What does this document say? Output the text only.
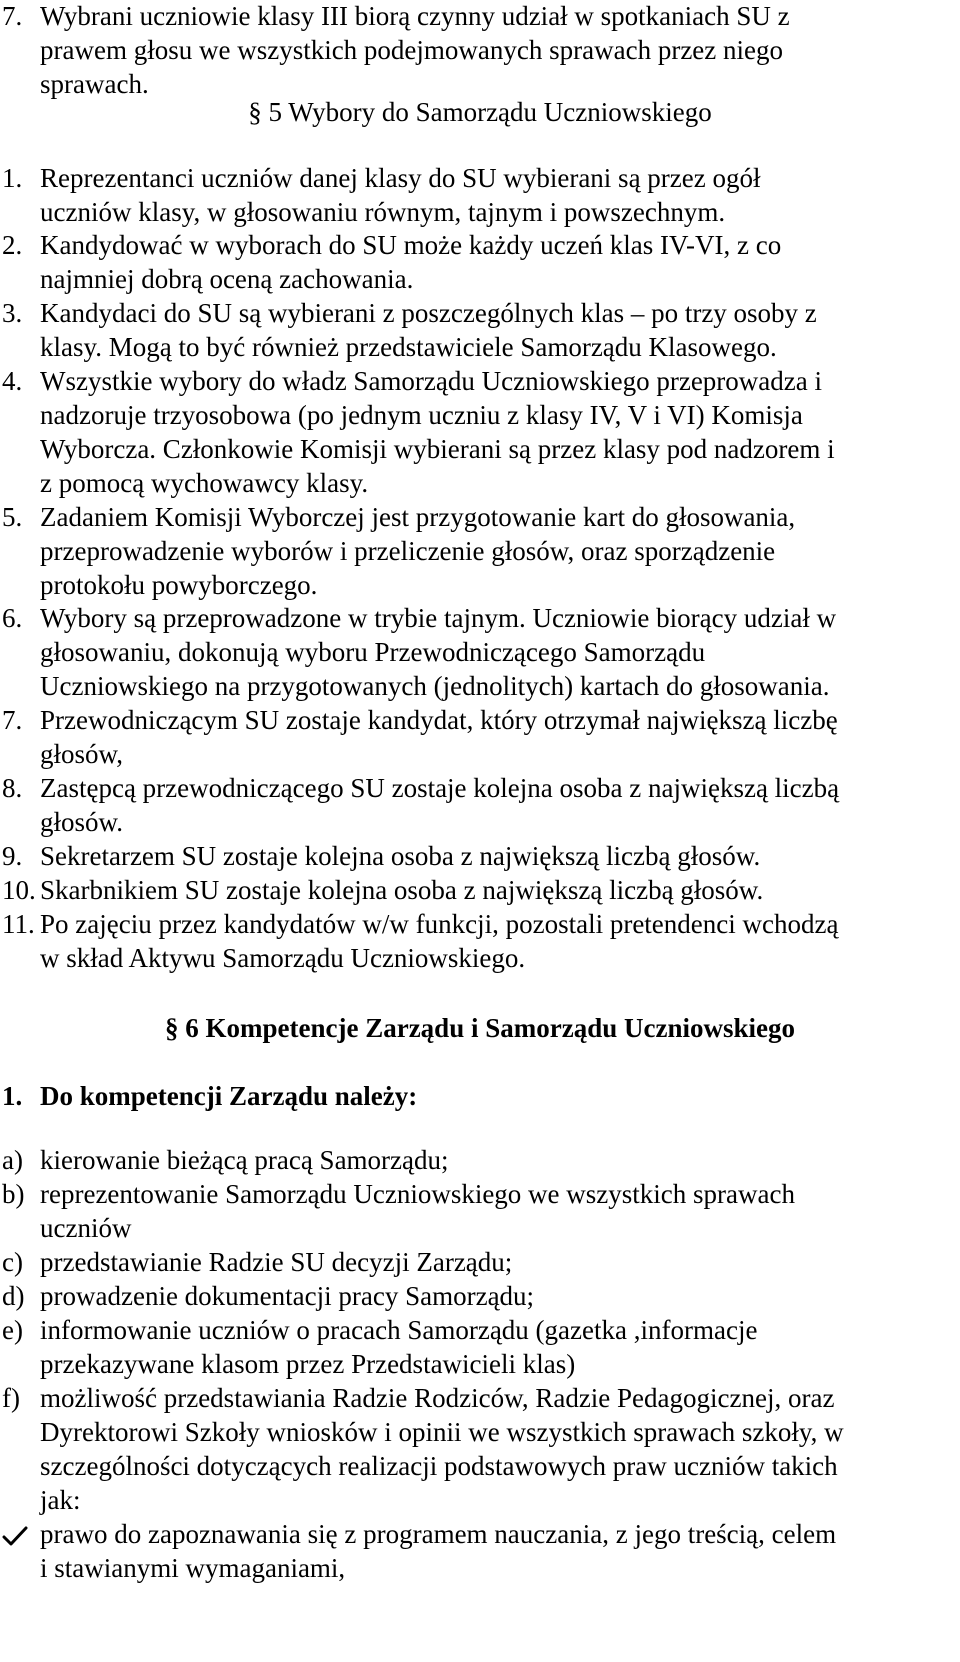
7. Wybrani uczniowie klasy III biorą czynny udział w spotkaniach SU z
prawem głosu we wszystkich podejmowanych sprawach przez niego
sprawach.
§ 5 Wybory do Samorządu Uczniowskiego
1. Reprezentanci uczniów danej klasy do SU wybierani są przez ogół
uczniów klasy, w głosowaniu równym, tajnym i powszechnym.
2. Kandydować w wyborach do SU może każdy uczeń klas IV-VI, z co
najmniej dobrą oceną zachowania.
3. Kandydaci do SU są wybierani z poszczególnych klas – po trzy osoby z
klasy. Mogą to być również przedstawiciele Samorządu Klasowego.
4. Wszystkie wybory do władz Samorządu Uczniowskiego przeprowadza i
nadzoruje trzyosobowa (po jednym uczniu z klasy IV, V i VI) Komisja
Wyborcza. Członkowie Komisji wybierani są przez klasy pod nadzorem i
z pomocą wychowawcy klasy.
5. Zadaniem Komisji Wyborczej jest przygotowanie kart do głosowania,
przeprowadzenie wyborów i przeliczenie głosów, oraz sporządzenie
protokołu powyborczego.
6. Wybory są przeprowadzone w trybie tajnym. Uczniowie biorący udział w
głosowaniu, dokonują wyboru Przewodniczącego Samorządu
Uczniowskiego na przygotowanych (jednolitych) kartach do głosowania.
7. Przewodniczącym SU zostaje kandydat, który otrzymał największą liczbę
głosów,
8. Zastępcą przewodniczącego SU zostaje kolejna osoba z największą liczbą
głosów.
9. Sekretarzem SU zostaje kolejna osoba z największą liczbą głosów.
10. Skarbnikiem SU zostaje kolejna osoba z największą liczbą głosów.
11. Po zajęciu przez kandydatów w/w funkcji, pozostali pretendenci wchodzą
w skład Aktywu Samorządu Uczniowskiego.
§ 6 Kompetencje Zarządu i Samorządu Uczniowskiego
1. Do kompetencji Zarządu należy:
a) kierowanie bieżącą pracą Samorządu;
b) reprezentowanie Samorządu Uczniowskiego we wszystkich sprawach
uczniów
c) przedstawianie Radzie SU decyzji Zarządu;
d) prowadzenie dokumentacji pracy Samorządu;
e) informowanie uczniów o pracach Samorządu (gazetka ,informacje
przekazywane klasom przez Przedstawicieli klas)
f) możliwość przedstawiania Radzie Rodziców, Radzie Pedagogicznej, oraz
Dyrektorowi Szkoły wniosków i opinii we wszystkich sprawach szkoły, w
szczególności dotyczących realizacji podstawowych praw uczniów takich
jak:
prawo do zapoznawania się z programem nauczania, z jego treścią, celem
i stawianymi wymaganiami,
